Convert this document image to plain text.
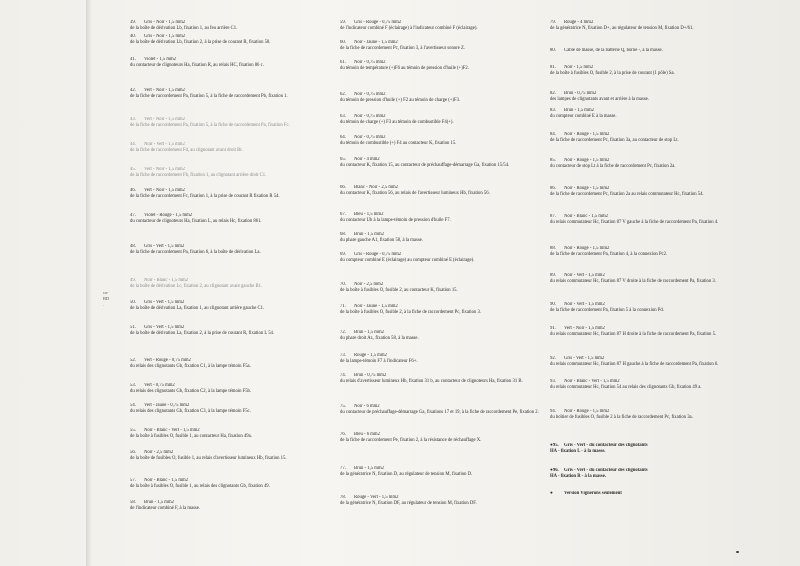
ca-
BD
.
39. Gris - Noir - 1,5 mm2
de la boîte de dérivation Lb, fixation 1, au feu arrière C1.
40. Gris - Noir - 1,5 mm2
de la boîte de dérivation Lb, fixation 2, à la prise de courant R, fixation 58.
41. Violet - 1,5 mm2
du contacteur de clignoteurs Ha, fixation R, au relais HC, fixation 86 c.
42. Vert - Noir - 1,5 mm2
de la fiche de raccordement Pa, fixation 5, à la fiche de raccordement Pb, fixation 1.
43. Vert - Noir - 1,5 mm2
de la fiche de raccordement Pa, fixation 5, à la fiche de raccordement Pa, fixation Fc.
44. Noir - Vert - 1,5 mm2
de la fiche de raccordement Fd, au clignotant avant droit Br.
45. Vert - Noir - 1,5 mm2
de la fiche de raccordement Fb, fixation 1, au clignotant arrière droit C1.
46. Vert - Noir - 1,5 mm2
de la fiche de raccordement Fc, fixation 1, à la prise de courant R fixation R 54.
47. Violet - Rouge - 1,5 mm2
du contacteur de clignoteurs Ha, fixation L, au relais Hc, fixation 861.
48. Gris - Vert - 1,5 mm2
de la fiche de raccordement Pa, fixation 6, à la boîte de dérivation La.
49. Noir - Blanc - 1,5 mm2
de la boîte de dérivation Lc, fixation 2, au clignotant avant gauche B1.
50. Gris - Vert - 1,5 mm2
de la boîte de dérivation La, fixation 1, au clignotant arrière gauche C1.
51. Gris - Vert - 1,5 mm2
de la boîte de dérivation La, fixation 2, à la prise de courant R, fixation L 54.
52. Vert - Rouge - 0,75 mm2
du relais des clignotants Gb, fixation C1, à la lampe témoin F5a.
53. Vert - 0,75 mm2
du relais des clignotants Gb, fixation C2, à la lampe témoin F5b.
54. Vert - Jaune - 0,75 mm2
du relais des clignotants Gb, fixation C3, à la lampe témoin F5c.
55. Noir - Blanc - Vert - 1,5 mm2
de la boîte à fusibles O, fusible 1, au contacteur Ha, fixation 49a.
56. Noir - 2,5 mm2
de la boîte de fusibles O, fusible 1, au relais d'avertisseur lumineux Hb, fixation 15.
57. Noir - Blanc - 1,5 mm2
de la boîte à fusibles O, fusible 1, au relais des clignotants Gb, fixation 49.
58. Brun - 1,5 mm2
de l'indicateur combiné F, à la masse.
59. Gris - Rouge - 0,75 mm2
de l'indicateur combiné F (éclairage) à l'indicateur combiné F (éclairage).
60. Noir - Jaune - 1,5 mm2
de la fiche de raccordement Pc, fixation 3, à l'avertisseur sonore Z.
61. Noir - 0,75 mm2
du témoin de température (+)F6 au témoin de pression d'huile (+)F2.
62. Noir - 0,75 mm2
du témoin de pression d'huile (+) F2 au témoin de charge (+)F3.
63. Noir - 0,75 mm2
du témoin de charge (+) F3 au témoin de combustible F4(+).
64. Noir - 0,75 mm2
du témoin de combustible (+) F4 au contacteur K, fixation 15.
65. Noir - 4 mm2
du contacteur K, fixation 15, au contacteur de préchauffage-démarrage Ga, fixation 15/54.
66. Blanc - Noir - 2,5 mm2
du contacteur K, fixation 56, au relais de l'avertisseur lumineux Hb, fixation 56.
67. Bleu - 1,5 mm2
du contacteur Ub à la lampe-témoin de pression d'huile F7.
68. Brun - 1,5 mm2
du phare gauche A1, fixation 58, à la masse.
69. Gris - Rouge - 0,75 mm2
du compteur combiné E (éclairage) au compteur combiné E (éclairage).
70. Noir - 2,5 mm2
de la boîte à fusibles O, fusible 2, au contacteur K, fixation 15.
71. Noir - Jaune - 1,5 mm2
de la boîte à fusibles O, fusible 2, à la fiche de raccordement Pc, fixation 3.
72. Brun - 1,5 mm2
du phare droit Ar., fixation 58, à la masse.
73. Rouge - 1,5 mm2
de la lampe-témoin F7 à l'indicateur F6+.
74. Brun - 0,75 mm2
du relais d'avertisseur lumineux Hb, fixation 31 b, au contacteur de clignoteurs Ha, fixation 31 B.
75. Noir - 6 mm2
du contacteur de préchauffage-démarrage Ga, fixations 17 et 19, à la fiche de raccordement Pe, fixation 2.
76. Bleu - 6 mm2
de la fiche de raccordement Pe, fixation 2, à la résistance de réchauffage X.
77. Brun - 1,5 mm2
de la génératrice N, fixation D, au régulateur de tension M, fixation D.
78. Rouge - Vert - 1,5 mm2
de la génératrice N, fixation DF, au régulateur de tension M, fixation DF.
79. Rouge - 4 mm2
de la génératrice N, fixation D+, au régulateur de tension M, fixation D+/61.
80. Câble de masse, de la batterie Q, borne -, à la masse.
81. Noir - 1,5 mm2
de la boîte à fusibles O, fusible 2, à la prise de courant (1 pôle) Sa.
82. Brun - 0,75 mm2
des lampes de clignotants avant et arrière à la masse.
83. Brun - 1,5 mm2
du compteur combiné E à la masse.
84. Noir - Rouge - 1,5 mm2
de la fiche de raccordement Pc, fixation 3a, au contacteur de stop Lt.
85. Noir - Rouge - 1,5 mm2
du contacteur de stop Lt à la fiche de raccordement Pc, fixation 2a.
86. Noir - Rouge - 1,5 mm2
de la fiche de raccordement Pc, fixation 2a au relais commutateur Hc, fixation 54.
87. Noir - Blanc - 1,5 mm2
du relais commutateur Hc, fixation 87 V gauche à la fiche de raccordement Pa, fixation 4.
88. Noir - Rouge - 1,5 mm2
de la fiche de raccordement Pa, fixation 4, à la connexion Pc2.
89. Noir - Vert - 1,5 mm2
du relais commutateur Hc, fixation 87 V droite à la fiche de raccordement Pa, fixation 3.
90. Noir - Vert - 1,5 mm2
de la fiche de raccordement Pa, fixation 5 à la connexion Pd.
91. Vert - Noir - 1,5 mm2
du relais commutateur Hc, fixation 87 H droite à la fiche de raccordement Pa, fixation 5.
92. Gris - Vert - 1,5 mm2
du relais commutateur Hc, fixation 87 H gauche à la fiche de raccordement Pa, fixation 6.
93. Noir - Blanc - Vert - 1,5 mm2
du relais commutateur Hc, fixation 54 au relais des clignotants Gb, fixation 49 a.
94. Noir - Rouge - 1,5 mm2
du boîtier de fusibles O, fusible 2 à la fiche de raccordement Pc, fixation 3a.
● 95. Gris - Vert - du contacteur des clignotants
HA - fixation L - à la masse.
● 96. Gris - Vert - du contacteur des clignotants
HA - fixation R - à la masse.
●Version Vignerons seulement
